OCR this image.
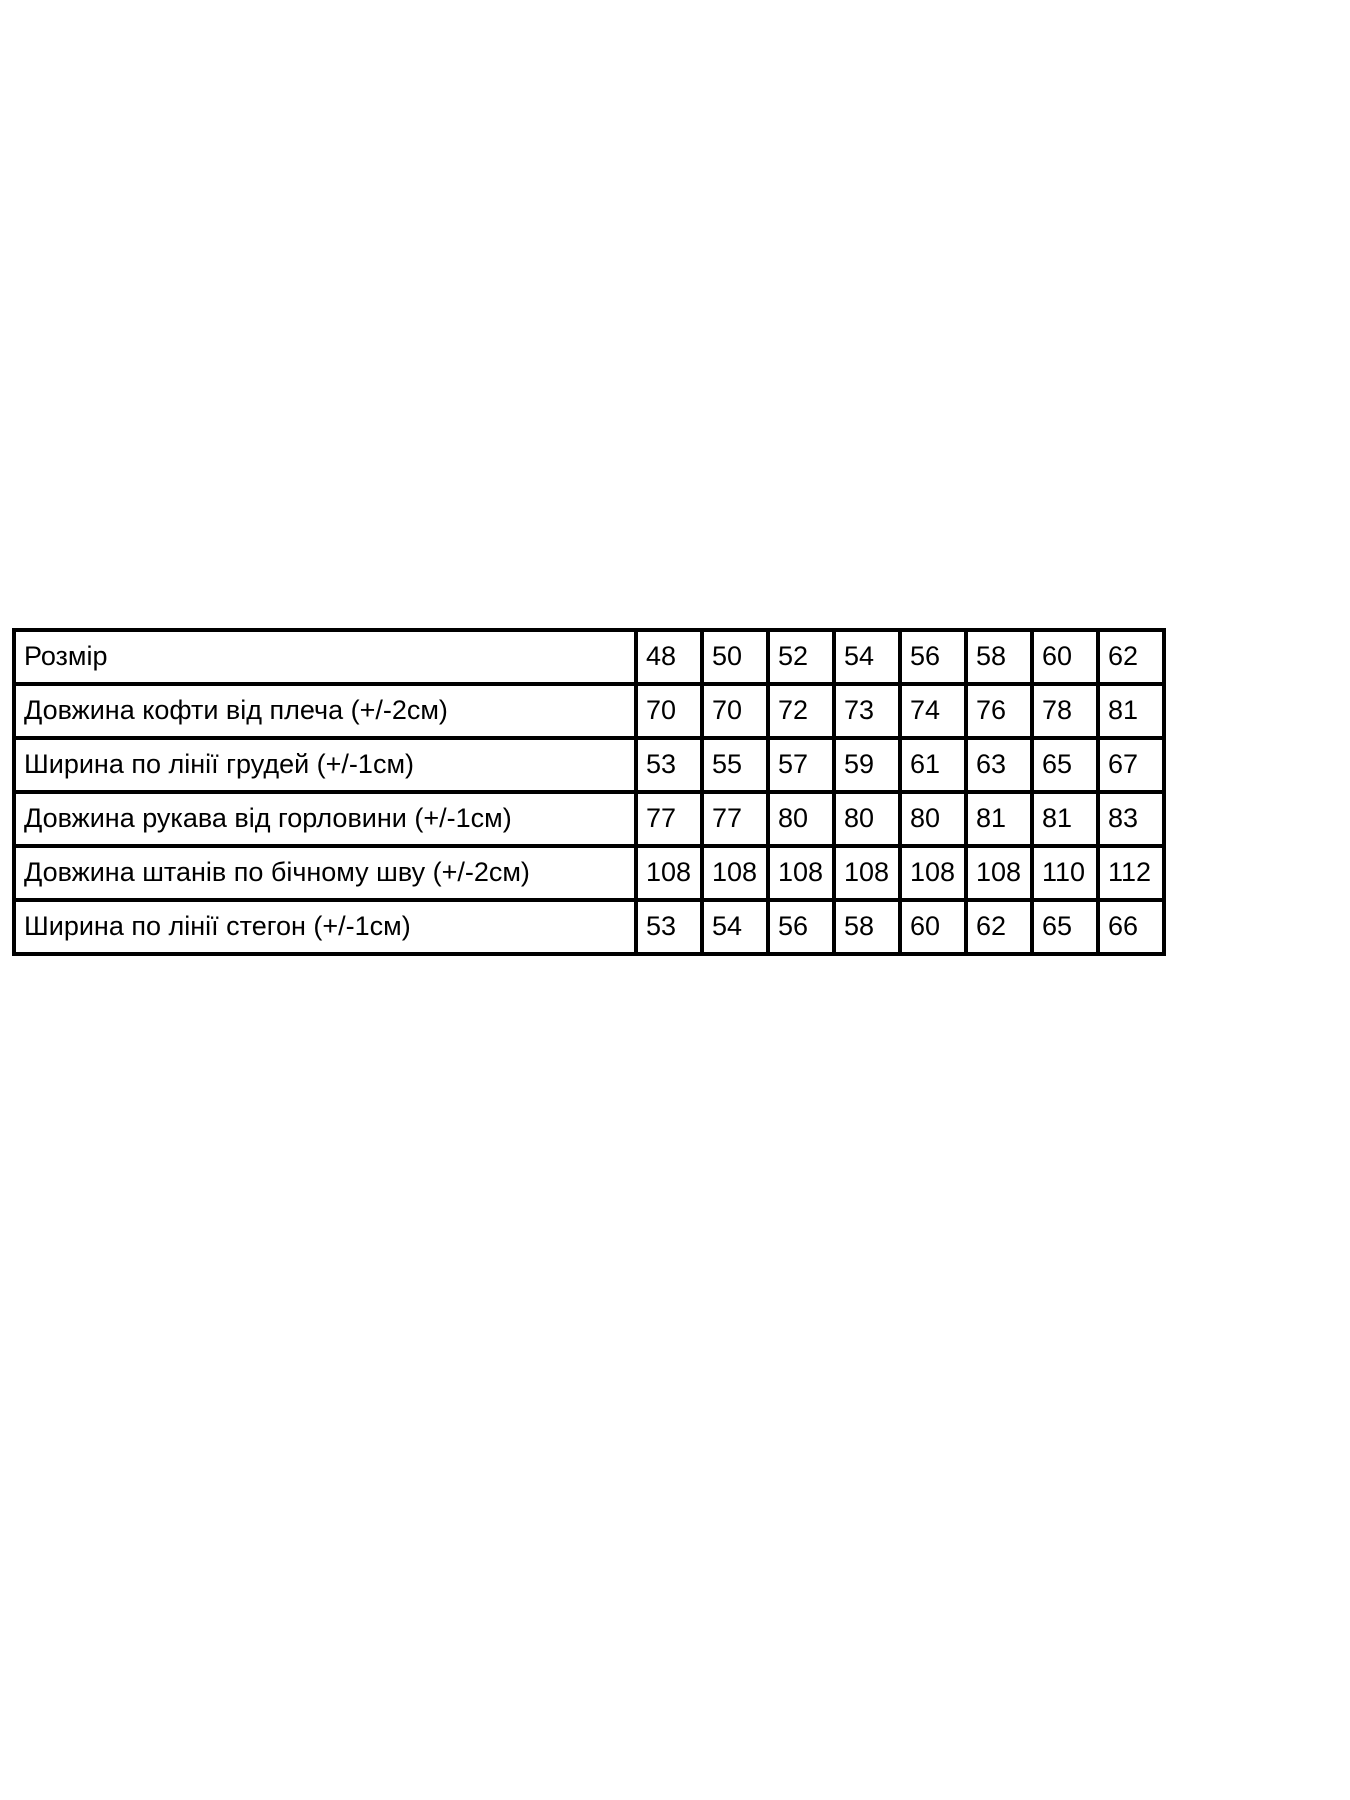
Розмір	48	50	52	54	56	58	60	62
Довжина кофти від плеча (+/-2см)	70	70	72	73	74	76	78	81
Ширина по лінії грудей (+/-1см)	53	55	57	59	61	63	65	67
Довжина рукава від горловини (+/-1см)	77	77	80	80	80	81	81	83
Довжина штанів по бічному шву (+/-2см)	108	108	108	108	108	108	110	112
Ширина по лінії стегон (+/-1см)	53	54	56	58	60	62	65	66
